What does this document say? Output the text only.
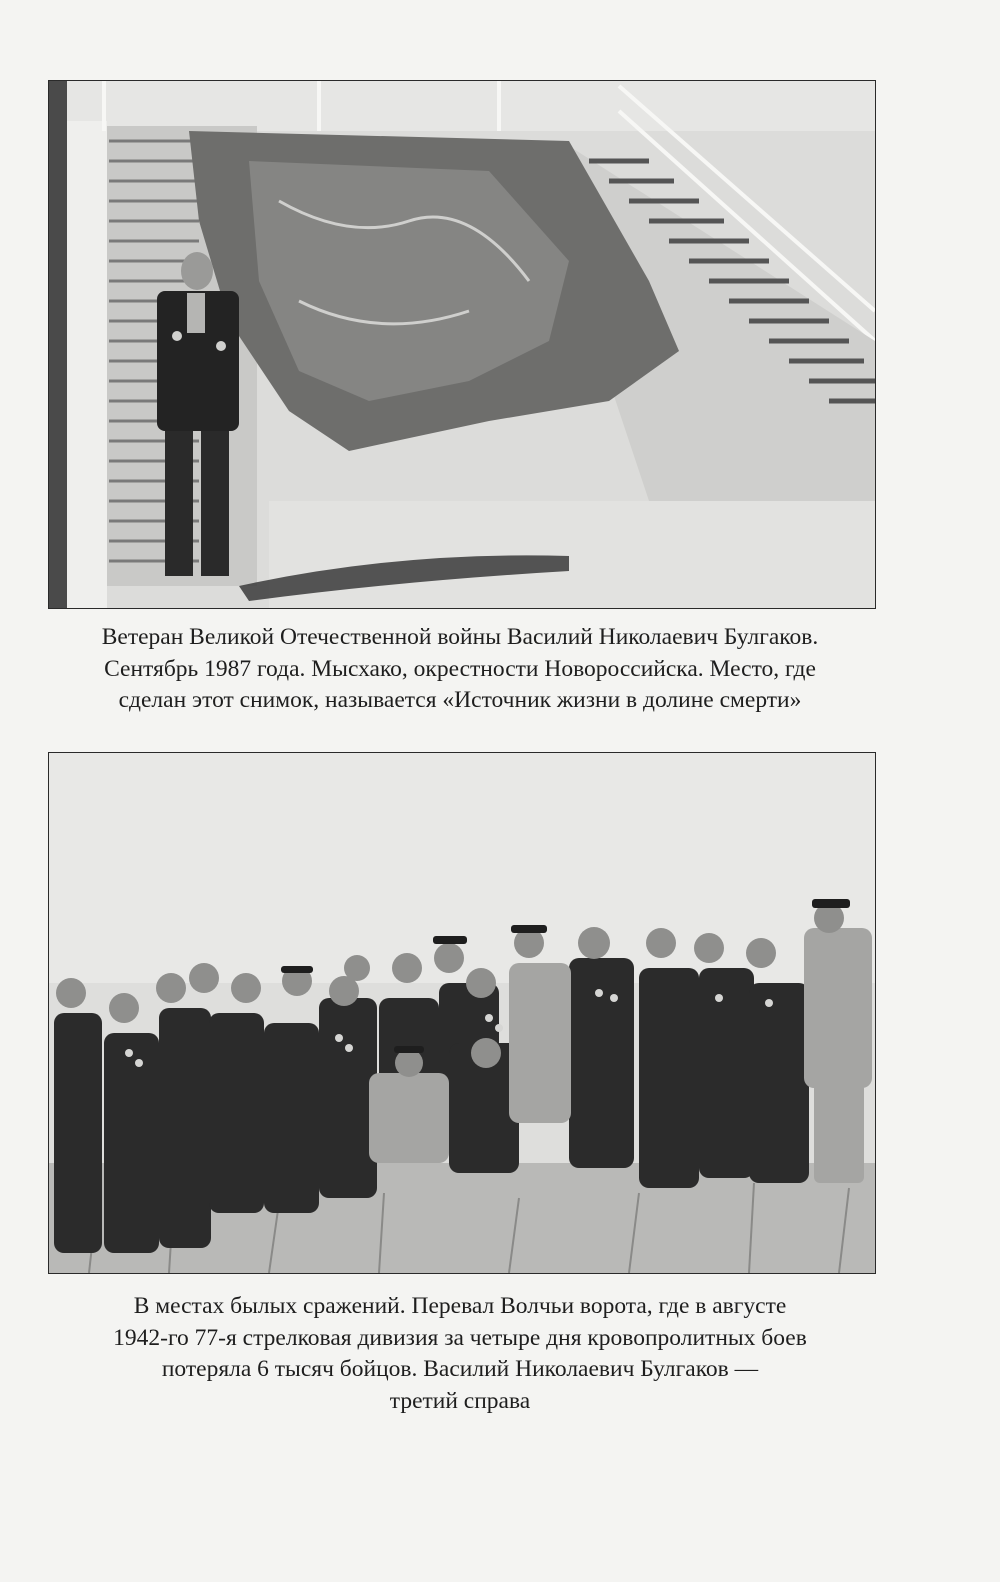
Ветеран Великой Отечественной войны Василий Николаевич Булгаков.
Сентябрь 1987 года. Мысхако, окрестности Новороссийска. Место, где
сделан этот снимок, называется «Источник жизни в долине смерти»
В местах былых сражений. Перевал Волчьи ворота, где в августе
1942-го 77-я стрелковая дивизия за четыре дня кровопролитных боев
потеряла 6 тысяч бойцов. Василий Николаевич Булгаков —
третий справа
